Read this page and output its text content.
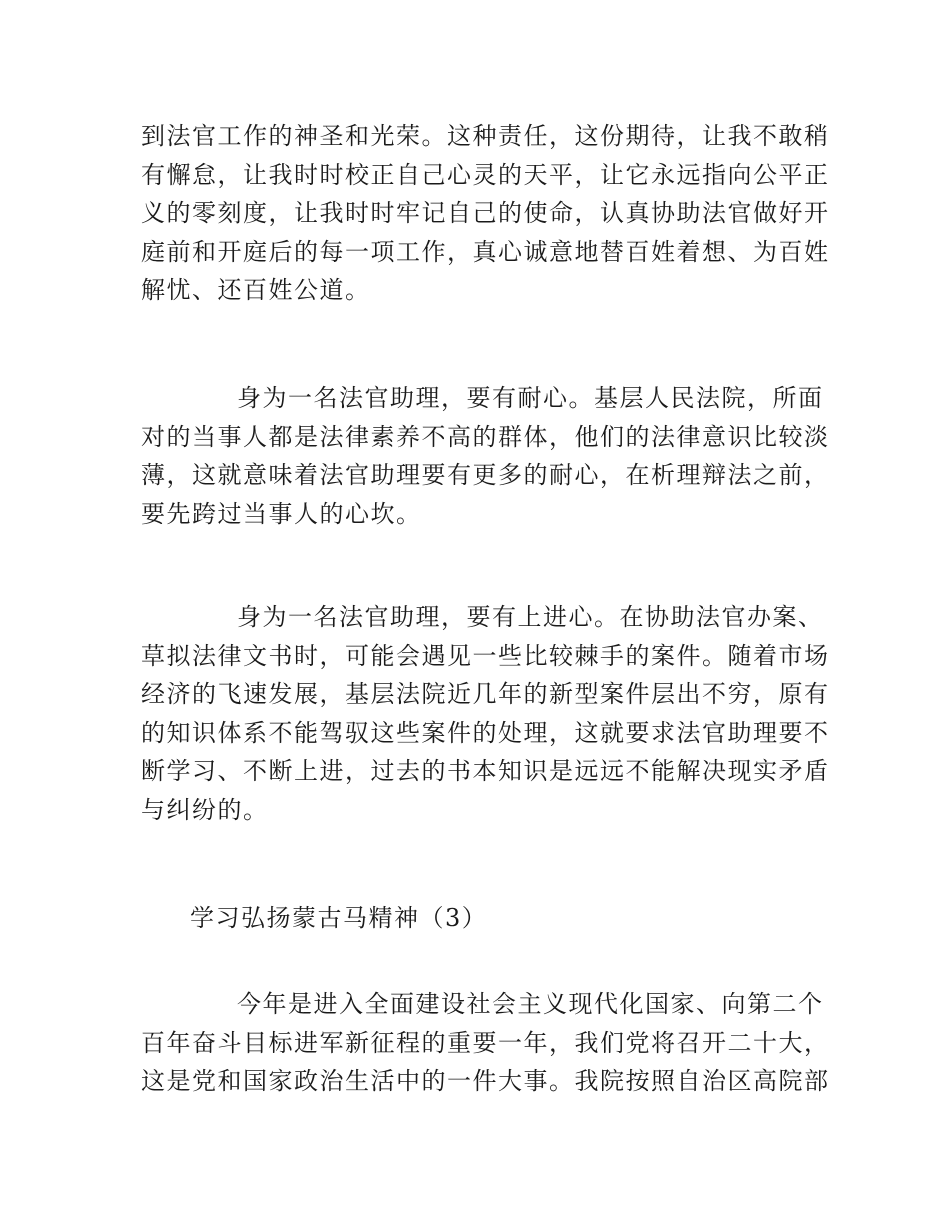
到法官工作的神圣和光荣。这种责任，这份期待，让我不敢稍
有懈怠，让我时时校正自己心灵的天平，让它永远指向公平正
义的零刻度，让我时时牢记自己的使命，认真协助法官做好开
庭前和开庭后的每一项工作，真心诚意地替百姓着想、为百姓
解忧、还百姓公道。

身为一名法官助理，要有耐心。基层人民法院，所面
对的当事人都是法律素养不高的群体，他们的法律意识比较淡
薄，这就意味着法官助理要有更多的耐心，在析理辩法之前，
要先跨过当事人的心坎。

身为一名法官助理，要有上进心。在协助法官办案、
草拟法律文书时，可能会遇见一些比较棘手的案件。随着市场
经济的飞速发展，基层法院近几年的新型案件层出不穷，原有
的知识体系不能驾驭这些案件的处理，这就要求法官助理要不
断学习、不断上进，过去的书本知识是远远不能解决现实矛盾
与纠纷的。

学习弘扬蒙古马精神（3）

今年是进入全面建设社会主义现代化国家、向第二个
百年奋斗目标进军新征程的重要一年，我们党将召开二十大，
这是党和国家政治生活中的一件大事。我院按照自治区高院部
